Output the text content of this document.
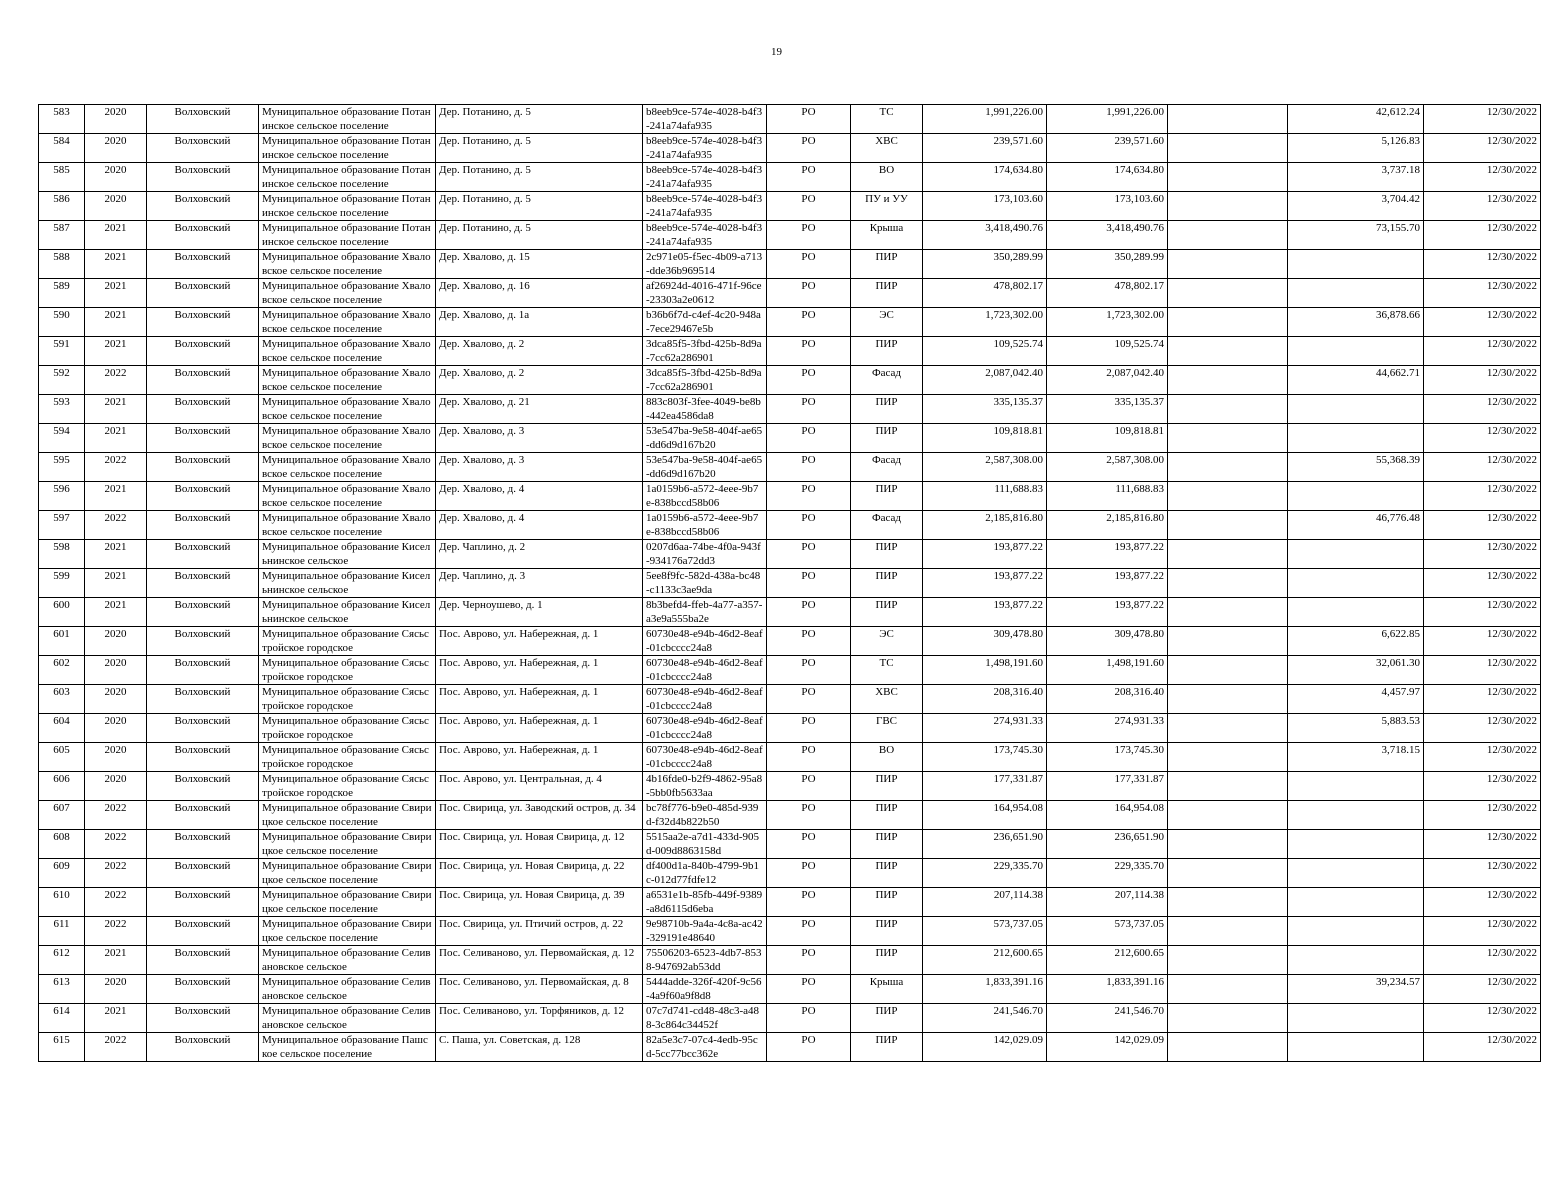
19
583	2020	Волховский	Муниципальное образование Потанинское сельское поселение	Дер. Потанино, д. 5	b8eeb9ce-574e-4028-b4f3-241a74afa935	РО	ТС	1,991,226.00	1,991,226.00		42,612.24	12/30/2022
584	2020	Волховский	Муниципальное образование Потанинское сельское поселение	Дер. Потанино, д. 5	b8eeb9ce-574e-4028-b4f3-241a74afa935	РО	ХВС	239,571.60	239,571.60		5,126.83	12/30/2022
585	2020	Волховский	Муниципальное образование Потанинское сельское поселение	Дер. Потанино, д. 5	b8eeb9ce-574e-4028-b4f3-241a74afa935	РО	ВО	174,634.80	174,634.80		3,737.18	12/30/2022
586	2020	Волховский	Муниципальное образование Потанинское сельское поселение	Дер. Потанино, д. 5	b8eeb9ce-574e-4028-b4f3-241a74afa935	РО	ПУ и УУ	173,103.60	173,103.60		3,704.42	12/30/2022
587	2021	Волховский	Муниципальное образование Потанинское сельское поселение	Дер. Потанино, д. 5	b8eeb9ce-574e-4028-b4f3-241a74afa935	РО	Крыша	3,418,490.76	3,418,490.76		73,155.70	12/30/2022
588	2021	Волховский	Муниципальное образование Хваловское сельское поселение	Дер. Хвалово, д. 15	2c971e05-f5ec-4b09-a713-dde36b969514	РО	ПИР	350,289.99	350,289.99			12/30/2022
589	2021	Волховский	Муниципальное образование Хваловское сельское поселение	Дер. Хвалово, д. 16	af26924d-4016-471f-96ce-23303a2e0612	РО	ПИР	478,802.17	478,802.17			12/30/2022
590	2021	Волховский	Муниципальное образование Хваловское сельское поселение	Дер. Хвалово, д. 1а	b36b6f7d-c4ef-4c20-948a-7ece29467e5b	РО	ЭС	1,723,302.00	1,723,302.00		36,878.66	12/30/2022
591	2021	Волховский	Муниципальное образование Хваловское сельское поселение	Дер. Хвалово, д. 2	3dca85f5-3fbd-425b-8d9a-7cc62a286901	РО	ПИР	109,525.74	109,525.74			12/30/2022
592	2022	Волховский	Муниципальное образование Хваловское сельское поселение	Дер. Хвалово, д. 2	3dca85f5-3fbd-425b-8d9a-7cc62a286901	РО	Фасад	2,087,042.40	2,087,042.40		44,662.71	12/30/2022
593	2021	Волховский	Муниципальное образование Хваловское сельское поселение	Дер. Хвалово, д. 21	883c803f-3fee-4049-be8b-442ea4586da8	РО	ПИР	335,135.37	335,135.37			12/30/2022
594	2021	Волховский	Муниципальное образование Хваловское сельское поселение	Дер. Хвалово, д. 3	53e547ba-9e58-404f-ae65-dd6d9d167b20	РО	ПИР	109,818.81	109,818.81			12/30/2022
595	2022	Волховский	Муниципальное образование Хваловское сельское поселение	Дер. Хвалово, д. 3	53e547ba-9e58-404f-ae65-dd6d9d167b20	РО	Фасад	2,587,308.00	2,587,308.00		55,368.39	12/30/2022
596	2021	Волховский	Муниципальное образование Хваловское сельское поселение	Дер. Хвалово, д. 4	1a0159b6-a572-4eee-9b7e-838bccd58b06	РО	ПИР	111,688.83	111,688.83			12/30/2022
597	2022	Волховский	Муниципальное образование Хваловское сельское поселение	Дер. Хвалово, д. 4	1a0159b6-a572-4eee-9b7e-838bccd58b06	РО	Фасад	2,185,816.80	2,185,816.80		46,776.48	12/30/2022
598	2021	Волховский	Муниципальное образование Кисельнинское сельское	Дер. Чаплино, д. 2	0207d6aa-74be-4f0a-943f-934176a72dd3	РО	ПИР	193,877.22	193,877.22			12/30/2022
599	2021	Волховский	Муниципальное образование Кисельнинское сельское	Дер. Чаплино, д. 3	5ee8f9fc-582d-438a-bc48-c1133c3ae9da	РО	ПИР	193,877.22	193,877.22			12/30/2022
600	2021	Волховский	Муниципальное образование Кисельнинское сельское	Дер. Черноушево, д. 1	8b3befd4-ffeb-4a77-a357-a3e9a555ba2e	РО	ПИР	193,877.22	193,877.22			12/30/2022
601	2020	Волховский	Муниципальное образование Сясьстройское городское	Пос. Аврово, ул. Набережная, д. 1	60730e48-e94b-46d2-8eaf-01cbcccc24a8	РО	ЭС	309,478.80	309,478.80		6,622.85	12/30/2022
602	2020	Волховский	Муниципальное образование Сясьстройское городское	Пос. Аврово, ул. Набережная, д. 1	60730e48-e94b-46d2-8eaf-01cbcccc24a8	РО	ТС	1,498,191.60	1,498,191.60		32,061.30	12/30/2022
603	2020	Волховский	Муниципальное образование Сясьстройское городское	Пос. Аврово, ул. Набережная, д. 1	60730e48-e94b-46d2-8eaf-01cbcccc24a8	РО	ХВС	208,316.40	208,316.40		4,457.97	12/30/2022
604	2020	Волховский	Муниципальное образование Сясьстройское городское	Пос. Аврово, ул. Набережная, д. 1	60730e48-e94b-46d2-8eaf-01cbcccc24a8	РО	ГВС	274,931.33	274,931.33		5,883.53	12/30/2022
605	2020	Волховский	Муниципальное образование Сясьстройское городское	Пос. Аврово, ул. Набережная, д. 1	60730e48-e94b-46d2-8eaf-01cbcccc24a8	РО	ВО	173,745.30	173,745.30		3,718.15	12/30/2022
606	2020	Волховский	Муниципальное образование Сясьстройское городское	Пос. Аврово, ул. Центральная, д. 4	4b16fde0-b2f9-4862-95a8-5bb0fb5633aa	РО	ПИР	177,331.87	177,331.87			12/30/2022
607	2022	Волховский	Муниципальное образование Свирицкое сельское поселение	Пос. Свирица, ул. Заводский остров, д. 34	bc78f776-b9e0-485d-939d-f32d4b822b50	РО	ПИР	164,954.08	164,954.08			12/30/2022
608	2022	Волховский	Муниципальное образование Свирицкое сельское поселение	Пос. Свирица, ул. Новая Свирица, д. 12	5515aa2e-a7d1-433d-905d-009d8863158d	РО	ПИР	236,651.90	236,651.90			12/30/2022
609	2022	Волховский	Муниципальное образование Свирицкое сельское поселение	Пос. Свирица, ул. Новая Свирица, д. 22	df400d1a-840b-4799-9b1c-012d77fdfe12	РО	ПИР	229,335.70	229,335.70			12/30/2022
610	2022	Волховский	Муниципальное образование Свирицкое сельское поселение	Пос. Свирица, ул. Новая Свирица, д. 39	a6531e1b-85fb-449f-9389-a8d6115d6eba	РО	ПИР	207,114.38	207,114.38			12/30/2022
611	2022	Волховский	Муниципальное образование Свирицкое сельское поселение	Пос. Свирица, ул. Птичий остров, д. 22	9e98710b-9a4a-4c8a-ac42-329191e48640	РО	ПИР	573,737.05	573,737.05			12/30/2022
612	2021	Волховский	Муниципальное образование Селивановское сельское	Пос. Селиваново, ул. Первомайская, д. 12	75506203-6523-4db7-8538-947692ab53dd	РО	ПИР	212,600.65	212,600.65			12/30/2022
613	2020	Волховский	Муниципальное образование Селивановское сельское	Пос. Селиваново, ул. Первомайская, д. 8	5444adde-326f-420f-9c56-4a9f60a9f8d8	РО	Крыша	1,833,391.16	1,833,391.16		39,234.57	12/30/2022
614	2021	Волховский	Муниципальное образование Селивановское сельское	Пос. Селиваново, ул. Торфяников, д. 12	07c7d741-cd48-48c3-a488-3c864c34452f	РО	ПИР	241,546.70	241,546.70			12/30/2022
615	2022	Волховский	Муниципальное образование Пашское сельское поселение	С. Паша, ул. Советская, д. 128	82a5e3c7-07c4-4edb-95cd-5cc77bcc362e	РО	ПИР	142,029.09	142,029.09			12/30/2022
